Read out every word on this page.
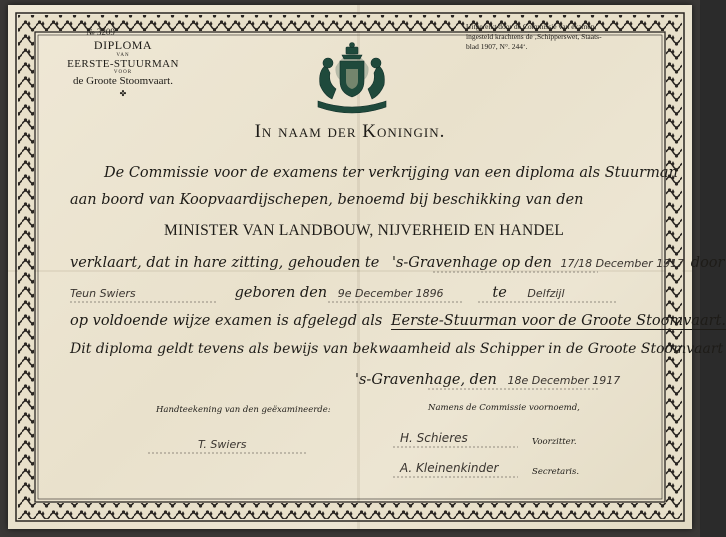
№ 3209
DIPLOMA
VAN
EERSTE-STUURMAN
VOOR
de Groote Stoomvaart.
✤
Uitgereikt door de Commissie van examen,
ingesteld krachtens de ‚Schipperswet, Staats-
blad 1907, N°. 244‘.
In naam der Koningin.
De Commissie voor de examens ter verkrijging van een diploma als Stuurman
aan boord van Koopvaardijschepen, benoemd bij beschikking van den
MINISTER VAN LANDBOUW, NIJVERHEID EN HANDEL
verklaart, dat in hare zitting, gehouden te 's-Gravenhage op den 17/18 December 1917 door
Teun Swiers	geboren den 9e December 1896	te Delfzijl
op voldoende wijze examen is afgelegd als Eerste-Stuurman voor de Groote Stoomvaart.
Dit diploma geldt tevens als bewijs van bekwaamheid als Schipper in de Groote Stoomvaart
's-Gravenhage, den 18e December 1917
Handteekening van den geëxamineerde:
T. Swiers
Namens de Commissie voornoemd,
H. Schieres	Voorzitter.
A. Kleinenkinder	Secretaris.
